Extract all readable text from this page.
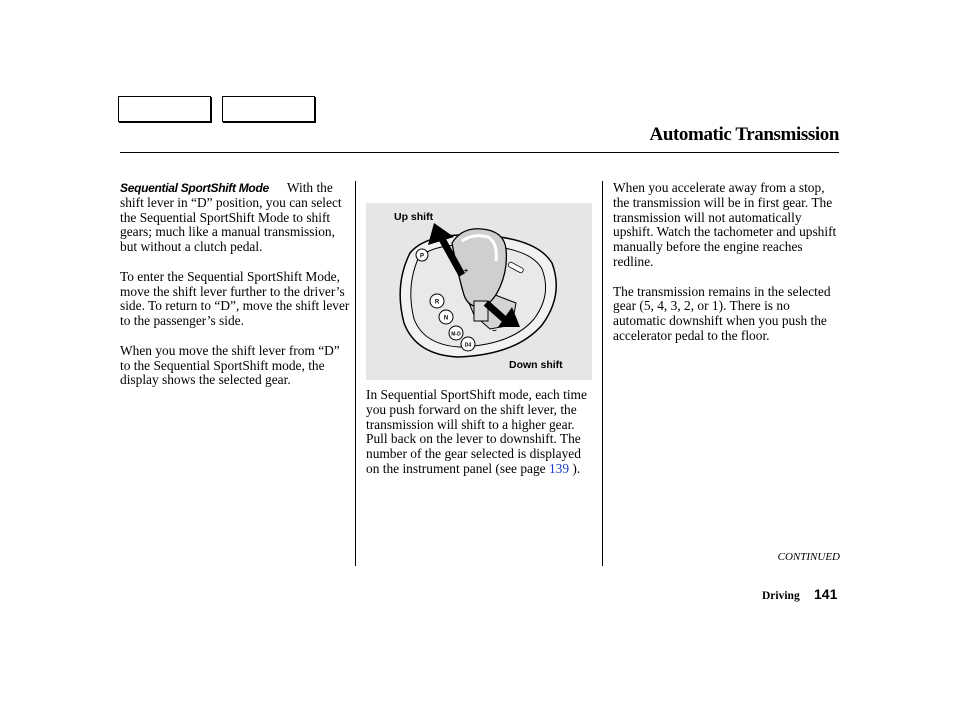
Automatic Transmission

Sequential SportShift Mode With the shift lever in “D” position, you can select the Sequential SportShift Mode to shift gears; much like a manual transmission, but without a clutch pedal.

To enter the Sequential SportShift Mode, move the shift lever further to the driver’s side. To return to “D”, move the shift lever to the passenger’s side.

When you move the shift lever from “D” to the Sequential SportShift mode, the display shows the selected gear.

Up shift
+
−
P
R
N
M-D
D4
Down shift

In Sequential SportShift mode, each time you push forward on the shift lever, the transmission will shift to a higher gear. Pull back on the lever to downshift. The number of the gear selected is displayed on the instrument panel (see page 139 ).

When you accelerate away from a stop, the transmission will be in first gear. The transmission will not automatically upshift. Watch the tachometer and upshift manually before the engine reaches redline.

The transmission remains in the selected gear (5, 4, 3, 2, or 1). There is no automatic downshift when you push the accelerator pedal to the floor.

CONTINUED
Driving 141
